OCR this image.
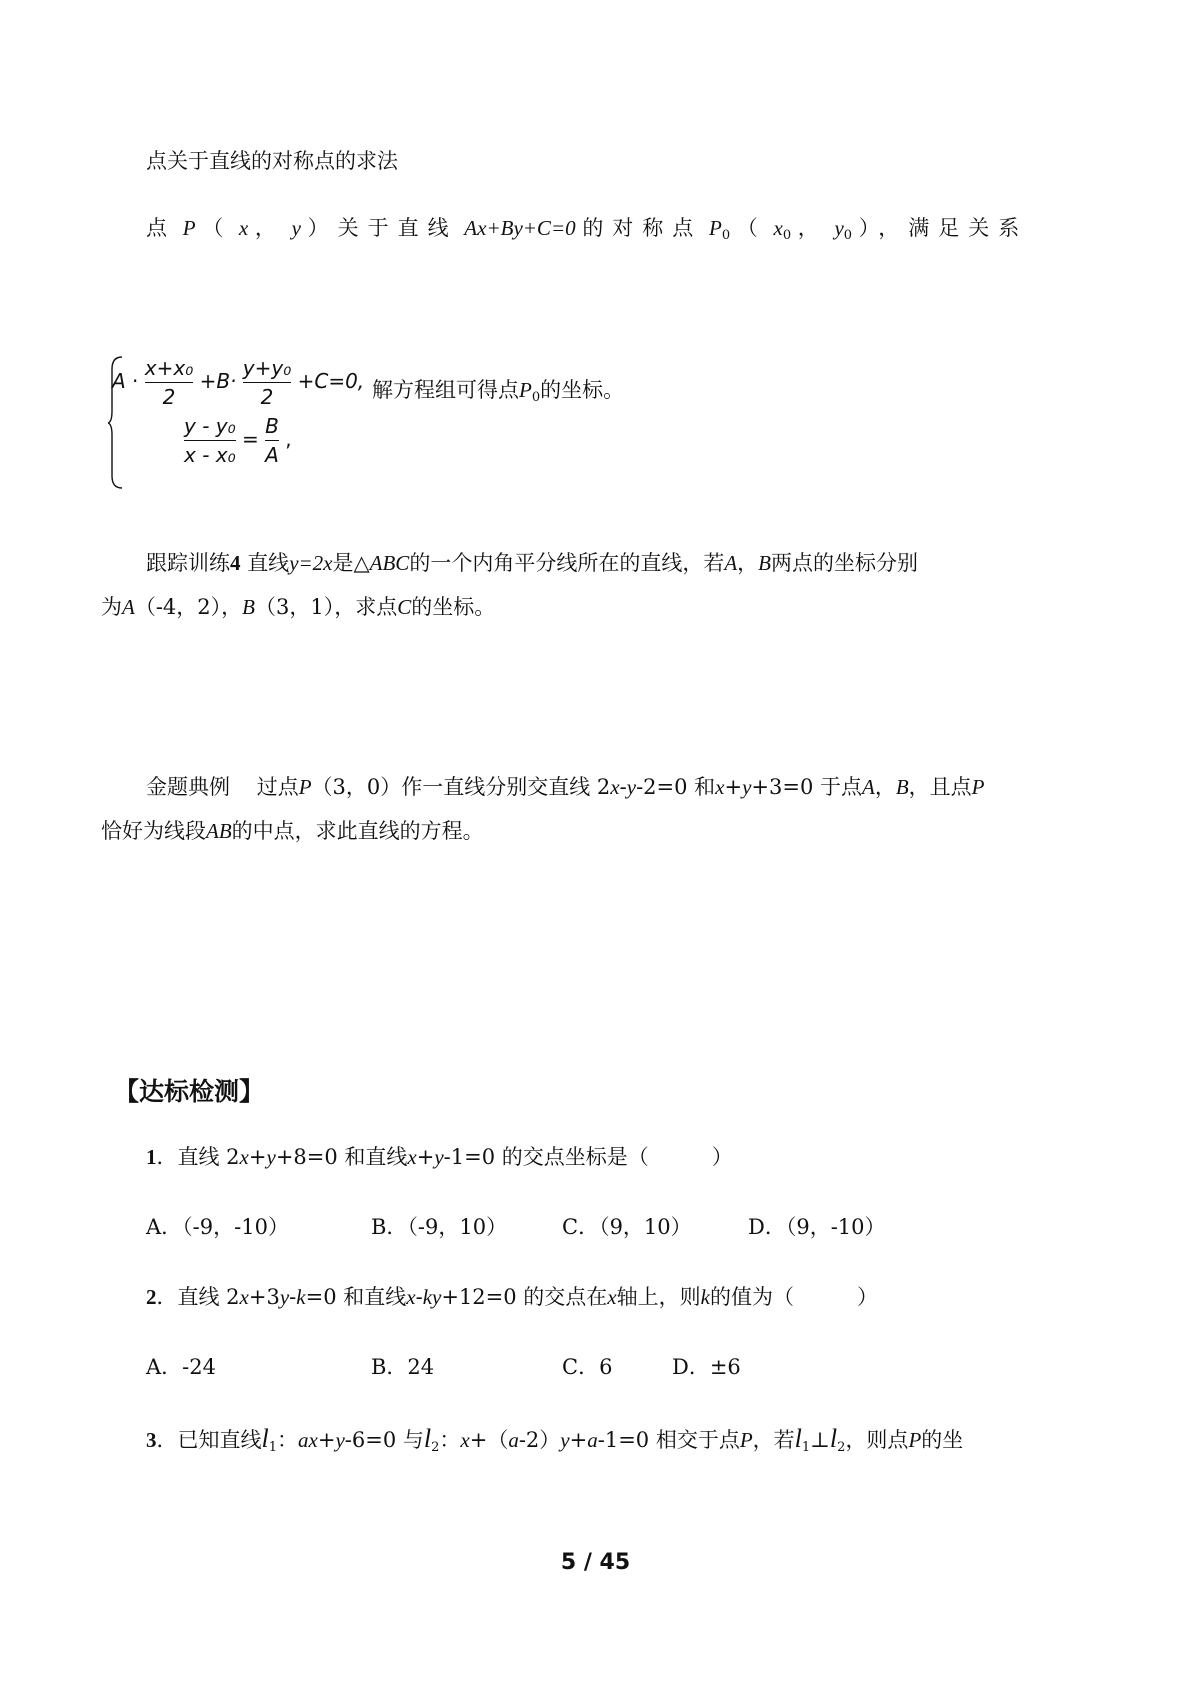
点关于直线的对称点的求法
点 P （ x ， y ）关于直线 Ax+By+C=0 的对称点 $P_0$ （ $x_0$ ， $y_0$ ），满足关系
$A \cdot \frac{\text{x+x₀}}{2} +B\cdot \frac{\text{y+y₀}}{2} +C=0$,
$\frac{\text{y - y₀}}{\text{x - x₀}} = \frac{B}{A}$ ,
解方程组可得点$P_0$的坐标。
跟踪训练4 直线y=2x是△ABC的一个内角平分线所在的直线，若A，B两点的坐标分别
为A（-4，2），B（3，1），求点C的坐标。
金题典例 过点P（3，0）作一直线分别交直线 2x-y-2=0 和x+y+3=0 于点A，B，且点P
恰好为线段AB的中点，求此直线的方程。
【达标检测】
1．直线 2x+y+8=0 和直线x+y-1=0 的交点坐标是（　　　）
A．（-9，-10）	B．（-9，10）	C．（9，10）	D．（9，-10）
2．直线 2x+3y-k=0 和直线x-ky+12=0 的交点在x轴上，则k的值为（　　　）
A．-24	B．24	C．6	D．±6
3．已知直线$l_1$：ax+y-6=0 与$l_2$：x+（a-2）y+a-1=0 相交于点P，若$l_1\perp l_2$，则点P的坐
5 / 45
